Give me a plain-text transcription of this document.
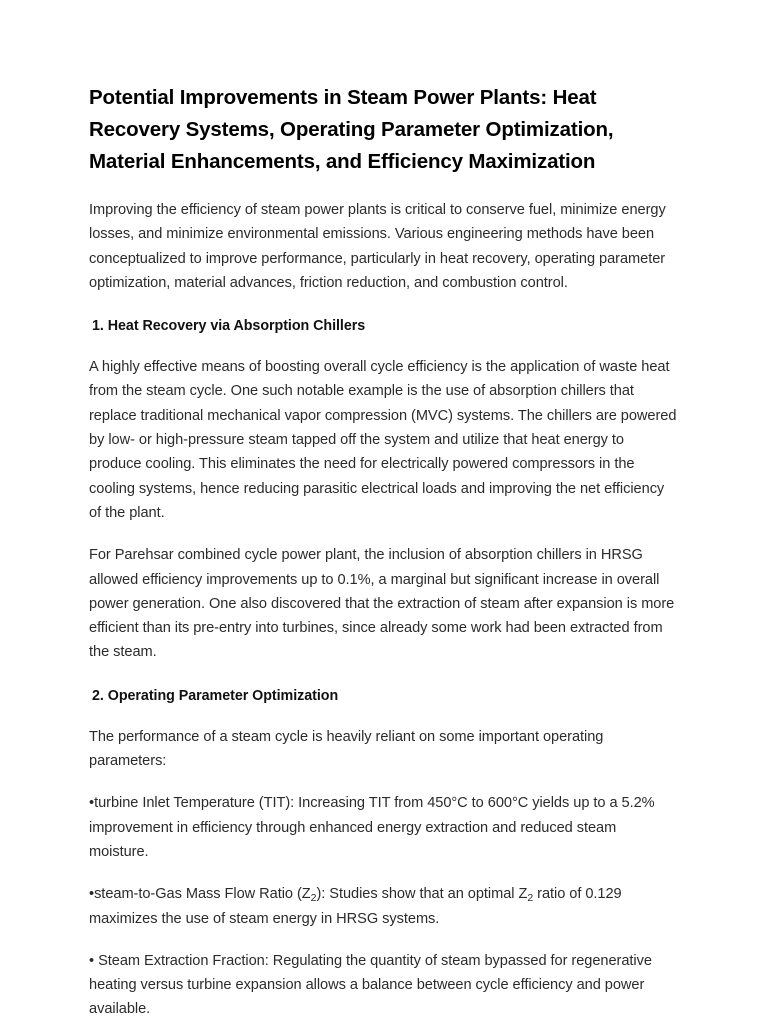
Potential Improvements in Steam Power Plants: Heat Recovery Systems, Operating Parameter Optimization, Material Enhancements, and Efficiency Maximization

Improving the efficiency of steam power plants is critical to conserve fuel, minimize energy losses, and minimize environmental emissions. Various engineering methods have been conceptualized to improve performance, particularly in heat recovery, operating parameter optimization, material advances, friction reduction, and combustion control.

1. Heat Recovery via Absorption Chillers

A highly effective means of boosting overall cycle efficiency is the application of waste heat from the steam cycle. One such notable example is the use of absorption chillers that replace traditional mechanical vapor compression (MVC) systems. The chillers are powered by low- or high-pressure steam tapped off the system and utilize that heat energy to produce cooling. This eliminates the need for electrically powered compressors in the cooling systems, hence reducing parasitic electrical loads and improving the net efficiency of the plant.

For Parehsar combined cycle power plant, the inclusion of absorption chillers in HRSG allowed efficiency improvements up to 0.1%, a marginal but significant increase in overall power generation. One also discovered that the extraction of steam after expansion is more efficient than its pre-entry into turbines, since already some work had been extracted from the steam.

2. Operating Parameter Optimization

The performance of a steam cycle is heavily reliant on some important operating parameters:

•turbine Inlet Temperature (TIT): Increasing TIT from 450°C to 600°C yields up to a 5.2% improvement in efficiency through enhanced energy extraction and reduced steam moisture.

•steam-to-Gas Mass Flow Ratio $(Z_2)$: Studies show that an optimal $Z_2$ ratio of 0.129 maximizes the use of steam energy in HRSG systems.

• Steam Extraction Fraction: Regulating the quantity of steam bypassed for regenerative heating versus turbine expansion allows a balance between cycle efficiency and power available.
